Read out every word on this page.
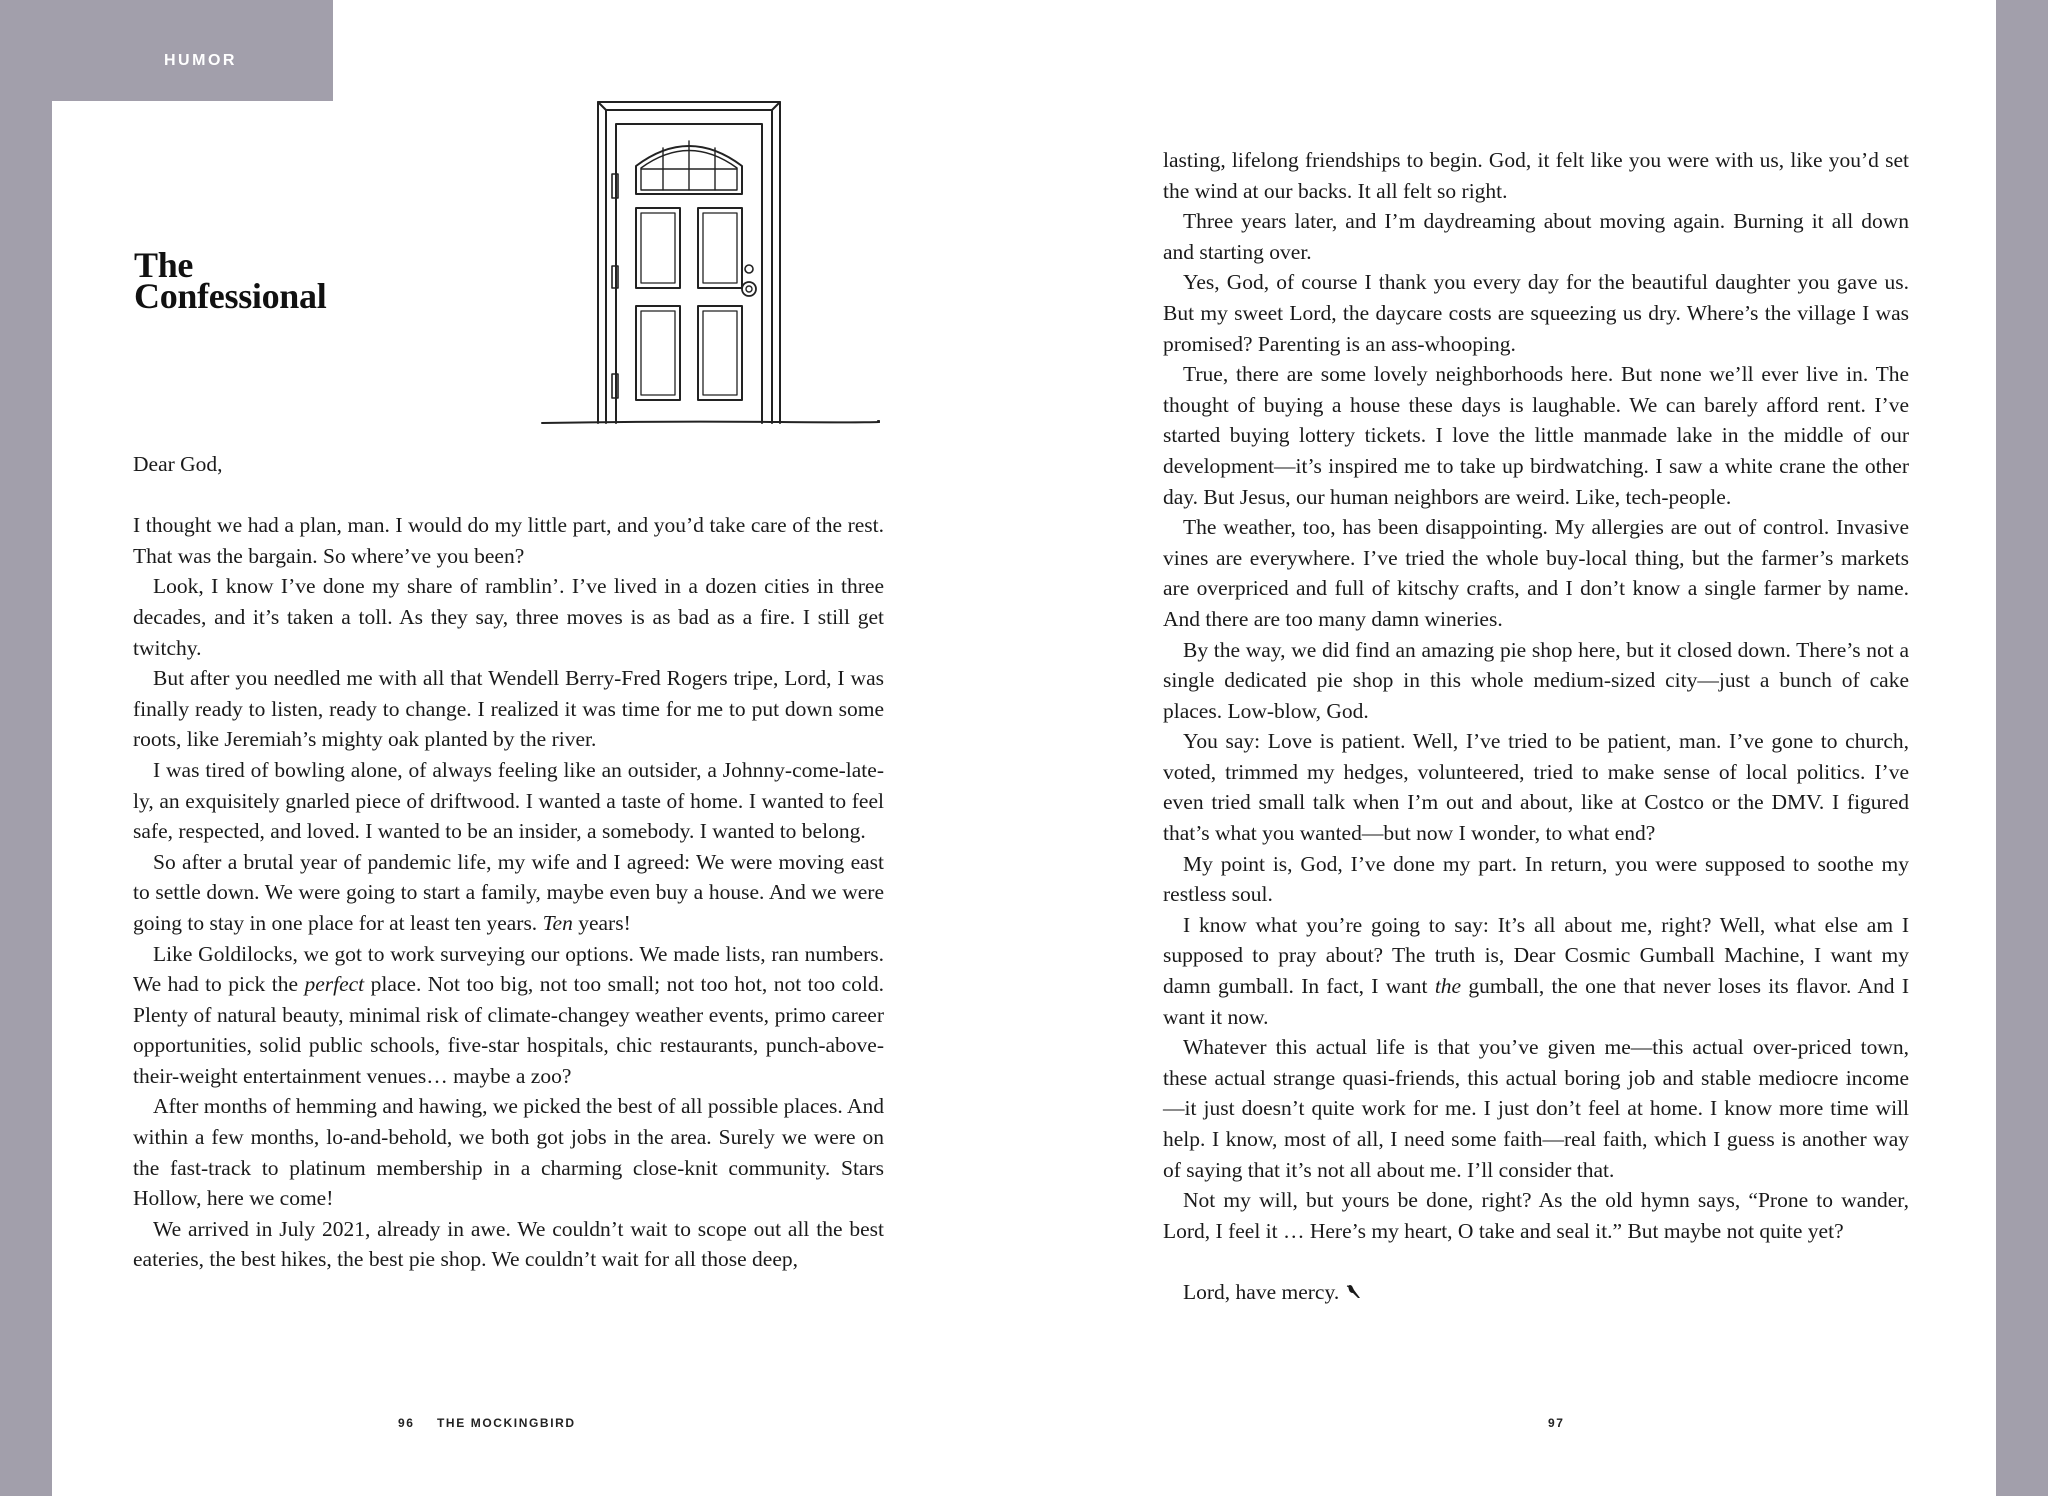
HUMOR
The
Confessional

Dear God,

I thought we had a plan, man. I would do my little part, and you’d take care of the rest. That was the bargain. So where’ve you been?

Look, I know I’ve done my share of ramblin’. I’ve lived in a dozen cities in three decades, and it’s taken a toll. As they say, three moves is as bad as a fire. I still get twitchy.

But after you needled me with all that Wendell Berry-Fred Rogers tripe, Lord, I was finally ready to listen, ready to change. I realized it was time for me to put down some roots, like Jeremiah’s mighty oak planted by the river.

I was tired of bowling alone, of always feeling like an outsider, a Johnny-come-lately, an exquisitely gnarled piece of driftwood. I wanted a taste of home. I wanted to feel safe, respected, and loved. I wanted to be an insider, a somebody. I wanted to belong.

So after a brutal year of pandemic life, my wife and I agreed: We were moving east to settle down. We were going to start a family, maybe even buy a house. And we were going to stay in one place for at least ten years. Ten years!

Like Goldilocks, we got to work surveying our options. We made lists, ran numbers. We had to pick the perfect place. Not too big, not too small; not too hot, not too cold. Plenty of natural beauty, minimal risk of climate-changey weather events, primo career opportunities, solid public schools, five-star hospitals, chic restaurants, punch-above-their-weight entertainment venues… maybe a zoo?

After months of hemming and hawing, we picked the best of all possible places. And within a few months, lo-and-behold, we both got jobs in the area. Surely we were on the fast-track to platinum membership in a charming close-knit community. Stars Hollow, here we come!

We arrived in July 2021, already in awe. We couldn’t wait to scope out all the best eateries, the best hikes, the best pie shop. We couldn’t wait for all those deep,

lasting, lifelong friendships to begin. God, it felt like you were with us, like you’d set the wind at our backs. It all felt so right.

Three years later, and I’m daydreaming about moving again. Burning it all down and starting over.

Yes, God, of course I thank you every day for the beautiful daughter you gave us. But my sweet Lord, the daycare costs are squeezing us dry. Where’s the village I was promised? Parenting is an ass-whooping.

True, there are some lovely neighborhoods here. But none we’ll ever live in. The thought of buying a house these days is laughable. We can barely afford rent. I’ve started buying lottery tickets. I love the little manmade lake in the middle of our development—it’s inspired me to take up birdwatching. I saw a white crane the other day. But Jesus, our human neighbors are weird. Like, tech-people.

The weather, too, has been disappointing. My allergies are out of control. Invasive vines are everywhere. I’ve tried the whole buy-local thing, but the farmer’s markets are overpriced and full of kitschy crafts, and I don’t know a single farmer by name. And there are too many damn wineries.

By the way, we did find an amazing pie shop here, but it closed down. There’s not a single dedicated pie shop in this whole medium-sized city—just a bunch of cake places. Low-blow, God.

You say: Love is patient. Well, I’ve tried to be patient, man. I’ve gone to church, voted, trimmed my hedges, volunteered, tried to make sense of local politics. I’ve even tried small talk when I’m out and about, like at Costco or the DMV. I figured that’s what you wanted—but now I wonder, to what end?

My point is, God, I’ve done my part. In return, you were supposed to soothe my restless soul.

I know what you’re going to say: It’s all about me, right? Well, what else am I supposed to pray about? The truth is, Dear Cosmic Gumball Machine, I want my damn gumball. In fact, I want the gumball, the one that never loses its flavor. And I want it now.

Whatever this actual life is that you’ve given me—this actual over-priced town, these actual strange quasi-friends, this actual boring job and stable mediocre income—it just doesn’t quite work for me. I just don’t feel at home. I know more time will help. I know, most of all, I need some faith—real faith, which I guess is another way of saying that it’s not all about me. I’ll consider that.

Not my will, but yours be done, right? As the old hymn says, “Prone to wander, Lord, I feel it … Here’s my heart, O take and seal it.” But maybe not quite yet?

Lord, have mercy.

96 THE MOCKINGBIRD	97
